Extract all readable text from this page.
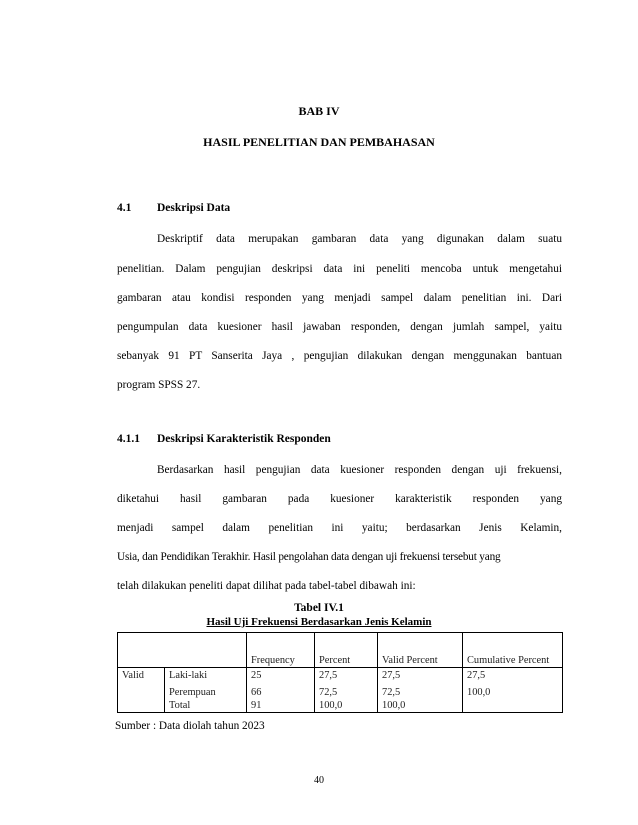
BAB IV
HASIL PENELITIAN DAN PEMBAHASAN
4.1 Deskripsi Data
Deskriptif data merupakan gambaran data yang digunakan dalam suatu
penelitian. Dalam pengujian deskripsi data ini peneliti mencoba untuk mengetahui
gambaran atau kondisi responden yang menjadi sampel dalam penelitian ini. Dari
pengumpulan data kuesioner hasil jawaban responden, dengan jumlah sampel, yaitu
sebanyak 91 PT Sanserita Jaya , pengujian dilakukan dengan menggunakan bantuan
program SPSS 27.
4.1.1 Deskripsi Karakteristik Responden
Berdasarkan hasil pengujian data kuesioner responden dengan uji frekuensi,
diketahui hasil gambaran pada kuesioner karakteristik responden yang
menjadi sampel dalam penelitian ini yaitu; berdasarkan Jenis Kelamin,
Usia, dan Pendidikan Terakhir. Hasil pengolahan data dengan uji frekuensi tersebut yang
telah dilakukan peneliti dapat dilihat pada tabel-tabel dibawah ini:
Tabel IV.1
Hasil Uji Frekuensi Berdasarkan Jenis Kelamin
		Frequency	Percent	Valid Percent	Cumulative Percent
Valid	Laki-laki	25	27,5	27,5	27,5
	Perempuan	66	72,5	72,5	100,0
	Total	91	100,0	100,0	
Sumber : Data diolah tahun 2023
40
